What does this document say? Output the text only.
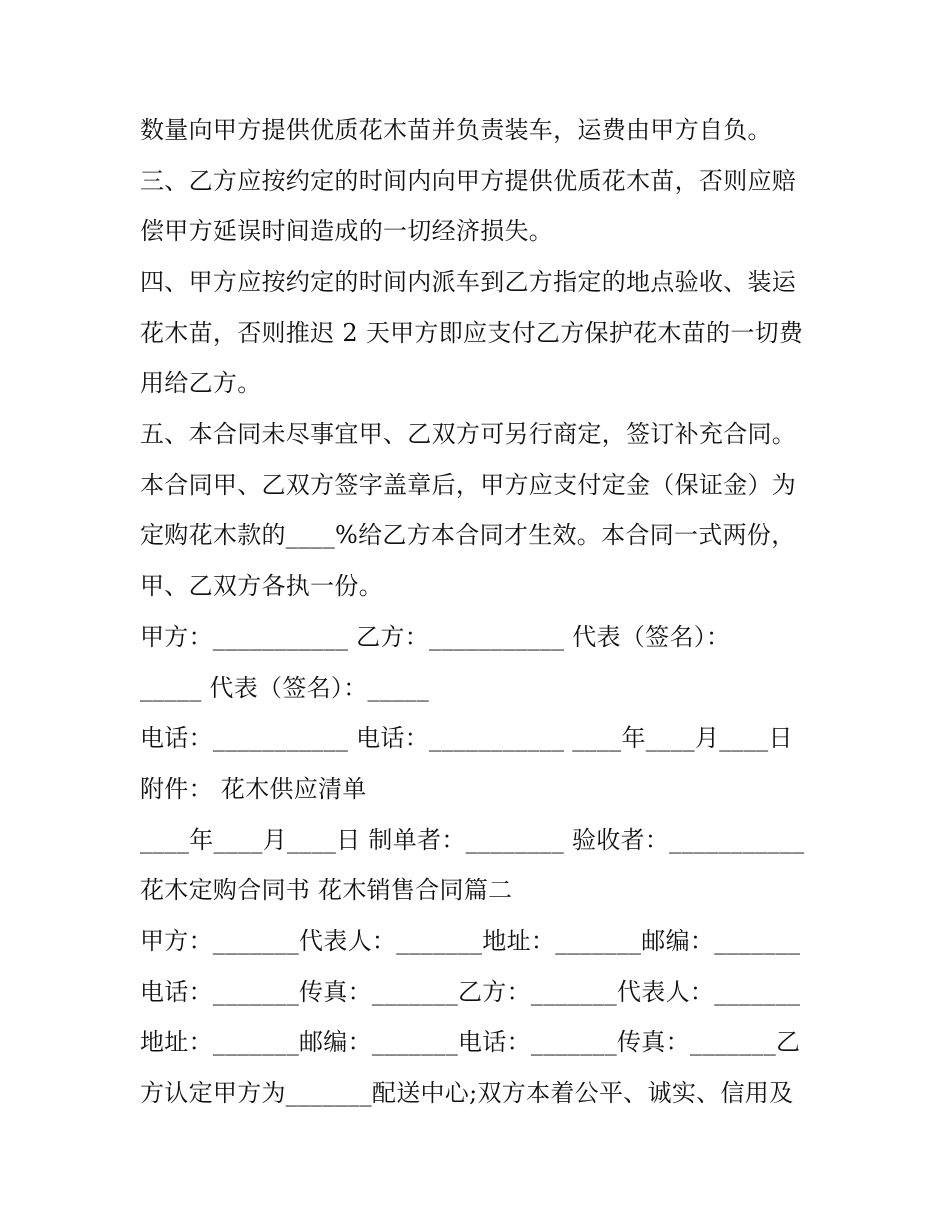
数量向甲方提供优质花木苗并负责装车，运费由甲方自负。
三、乙方应按约定的时间内向甲方提供优质花木苗，否则应赔
偿甲方延误时间造成的一切经济损失。
四、甲方应按约定的时间内派车到乙方指定的地点验收、装运
花木苗，否则推迟 2 天甲方即应支付乙方保护花木苗的一切费
用给乙方。
五、本合同未尽事宜甲、乙双方可另行商定，签订补充合同。
本合同甲、乙双方签字盖章后，甲方应支付定金（保证金）为
定购花木款的____%给乙方本合同才生效。本合同一式两份，
甲、乙双方各执一份。
甲方：___________ 乙方：___________ 代表（签名）：
_____ 代表（签名）：_____
电话：___________ 电话：___________ ____年____月____日
附件： 花木供应清单
____年____月____日 制单者：________ 验收者：___________
花木定购合同书 花木销售合同篇二
甲方：_______代表人：_______地址：_______邮编：_______
电话：_______传真：_______乙方：_______代表人：_______
地址：_______邮编：_______电话：_______传真：_______乙
方认定甲方为_______配送中心;双方本着公平、诚实、信用及
